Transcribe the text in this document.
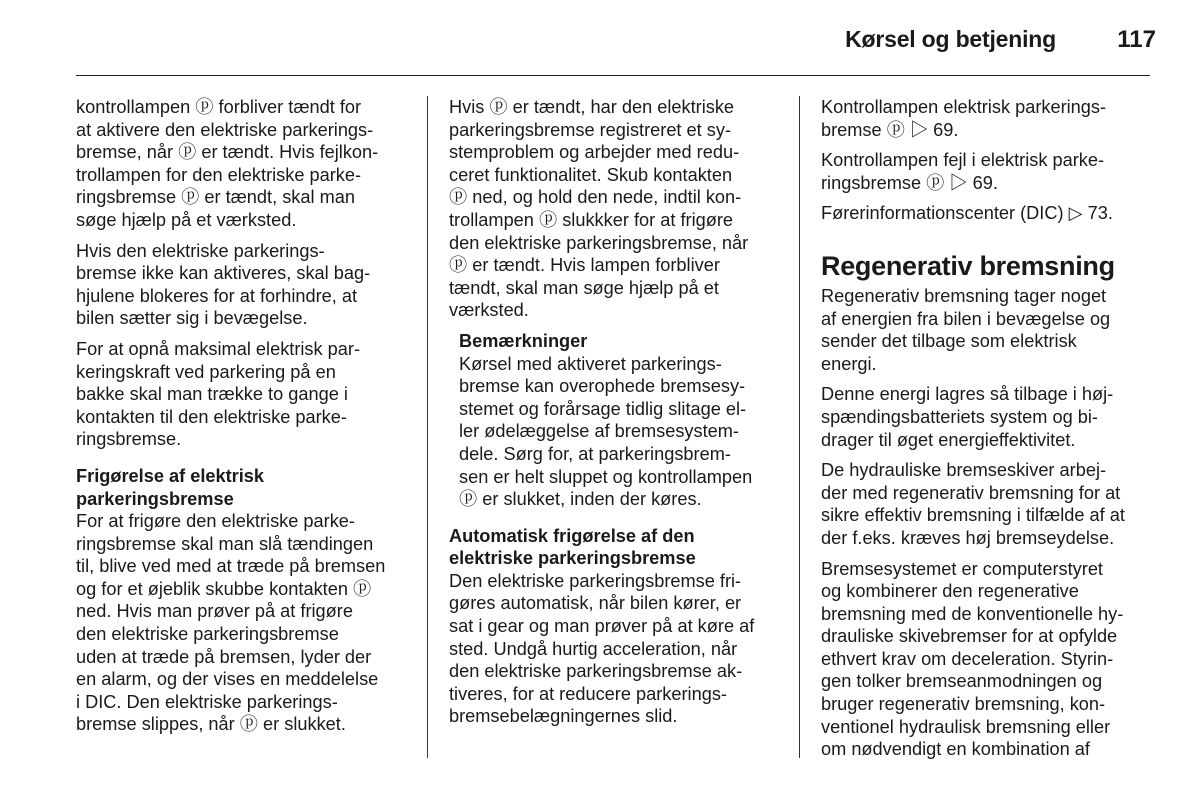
Kørsel og betjening	117

kontrollampen ⓟ forbliver tændt for
at aktivere den elektriske parkerings-
bremse, når ⓟ er tændt. Hvis fejlkon-
trollampen for den elektriske parke-
ringsbremse ⓟ er tændt, skal man
søge hjælp på et værksted.

Hvis den elektriske parkerings-
bremse ikke kan aktiveres, skal bag-
hjulene blokeres for at forhindre, at
bilen sætter sig i bevægelse.

For at opnå maksimal elektrisk par-
keringskraft ved parkering på en
bakke skal man trække to gange i
kontakten til den elektriske parke-
ringsbremse.

Frigørelse af elektrisk
parkeringsbremse

For at frigøre den elektriske parke-
ringsbremse skal man slå tændingen
til, blive ved med at træde på bremsen
og for et øjeblik skubbe kontakten ⓟ
ned. Hvis man prøver på at frigøre
den elektriske parkeringsbremse
uden at træde på bremsen, lyder der
en alarm, og der vises en meddelelse
i DIC. Den elektriske parkerings-
bremse slippes, når ⓟ er slukket.

Hvis ⓟ er tændt, har den elektriske
parkeringsbremse registreret et sy-
stemproblem og arbejder med redu-
ceret funktionalitet. Skub kontakten
ⓟ ned, og hold den nede, indtil kon-
trollampen ⓟ slukkker for at frigøre
den elektriske parkeringsbremse, når
ⓟ er tændt. Hvis lampen forbliver
tændt, skal man søge hjælp på et
værksted.

Bemærkninger

Kørsel med aktiveret parkerings-
bremse kan overophede bremsesy-
stemet og forårsage tidlig slitage el-
ler ødelæggelse af bremsesystem-
dele. Sørg for, at parkeringsbrem-
sen er helt sluppet og kontrollampen
ⓟ er slukket, inden der køres.

Automatisk frigørelse af den
elektriske parkeringsbremse

Den elektriske parkeringsbremse fri-
gøres automatisk, når bilen kører, er
sat i gear og man prøver på at køre af
sted. Undgå hurtig acceleration, når
den elektriske parkeringsbremse ak-
tiveres, for at reducere parkerings-
bremsebelægningernes slid.

Kontrollampen elektrisk parkerings-
bremse ⓟ ▷ 69.

Kontrollampen fejl i elektrisk parke-
ringsbremse ⓟ ▷ 69.

Førerinformationscenter (DIC) ▷ 73.

Regenerativ bremsning

Regenerativ bremsning tager noget
af energien fra bilen i bevægelse og
sender det tilbage som elektrisk
energi.

Denne energi lagres så tilbage i høj-
spændingsbatteriets system og bi-
drager til øget energieffektivitet.

De hydrauliske bremseskiver arbej-
der med regenerativ bremsning for at
sikre effektiv bremsning i tilfælde af at
der f.eks. kræves høj bremseydelse.

Bremsesystemet er computerstyret
og kombinerer den regenerative
bremsning med de konventionelle hy-
drauliske skivebremser for at opfylde
ethvert krav om deceleration. Styrin-
gen tolker bremseanmodningen og
bruger regenerativ bremsning, kon-
ventionel hydraulisk bremsning eller
om nødvendigt en kombination af
